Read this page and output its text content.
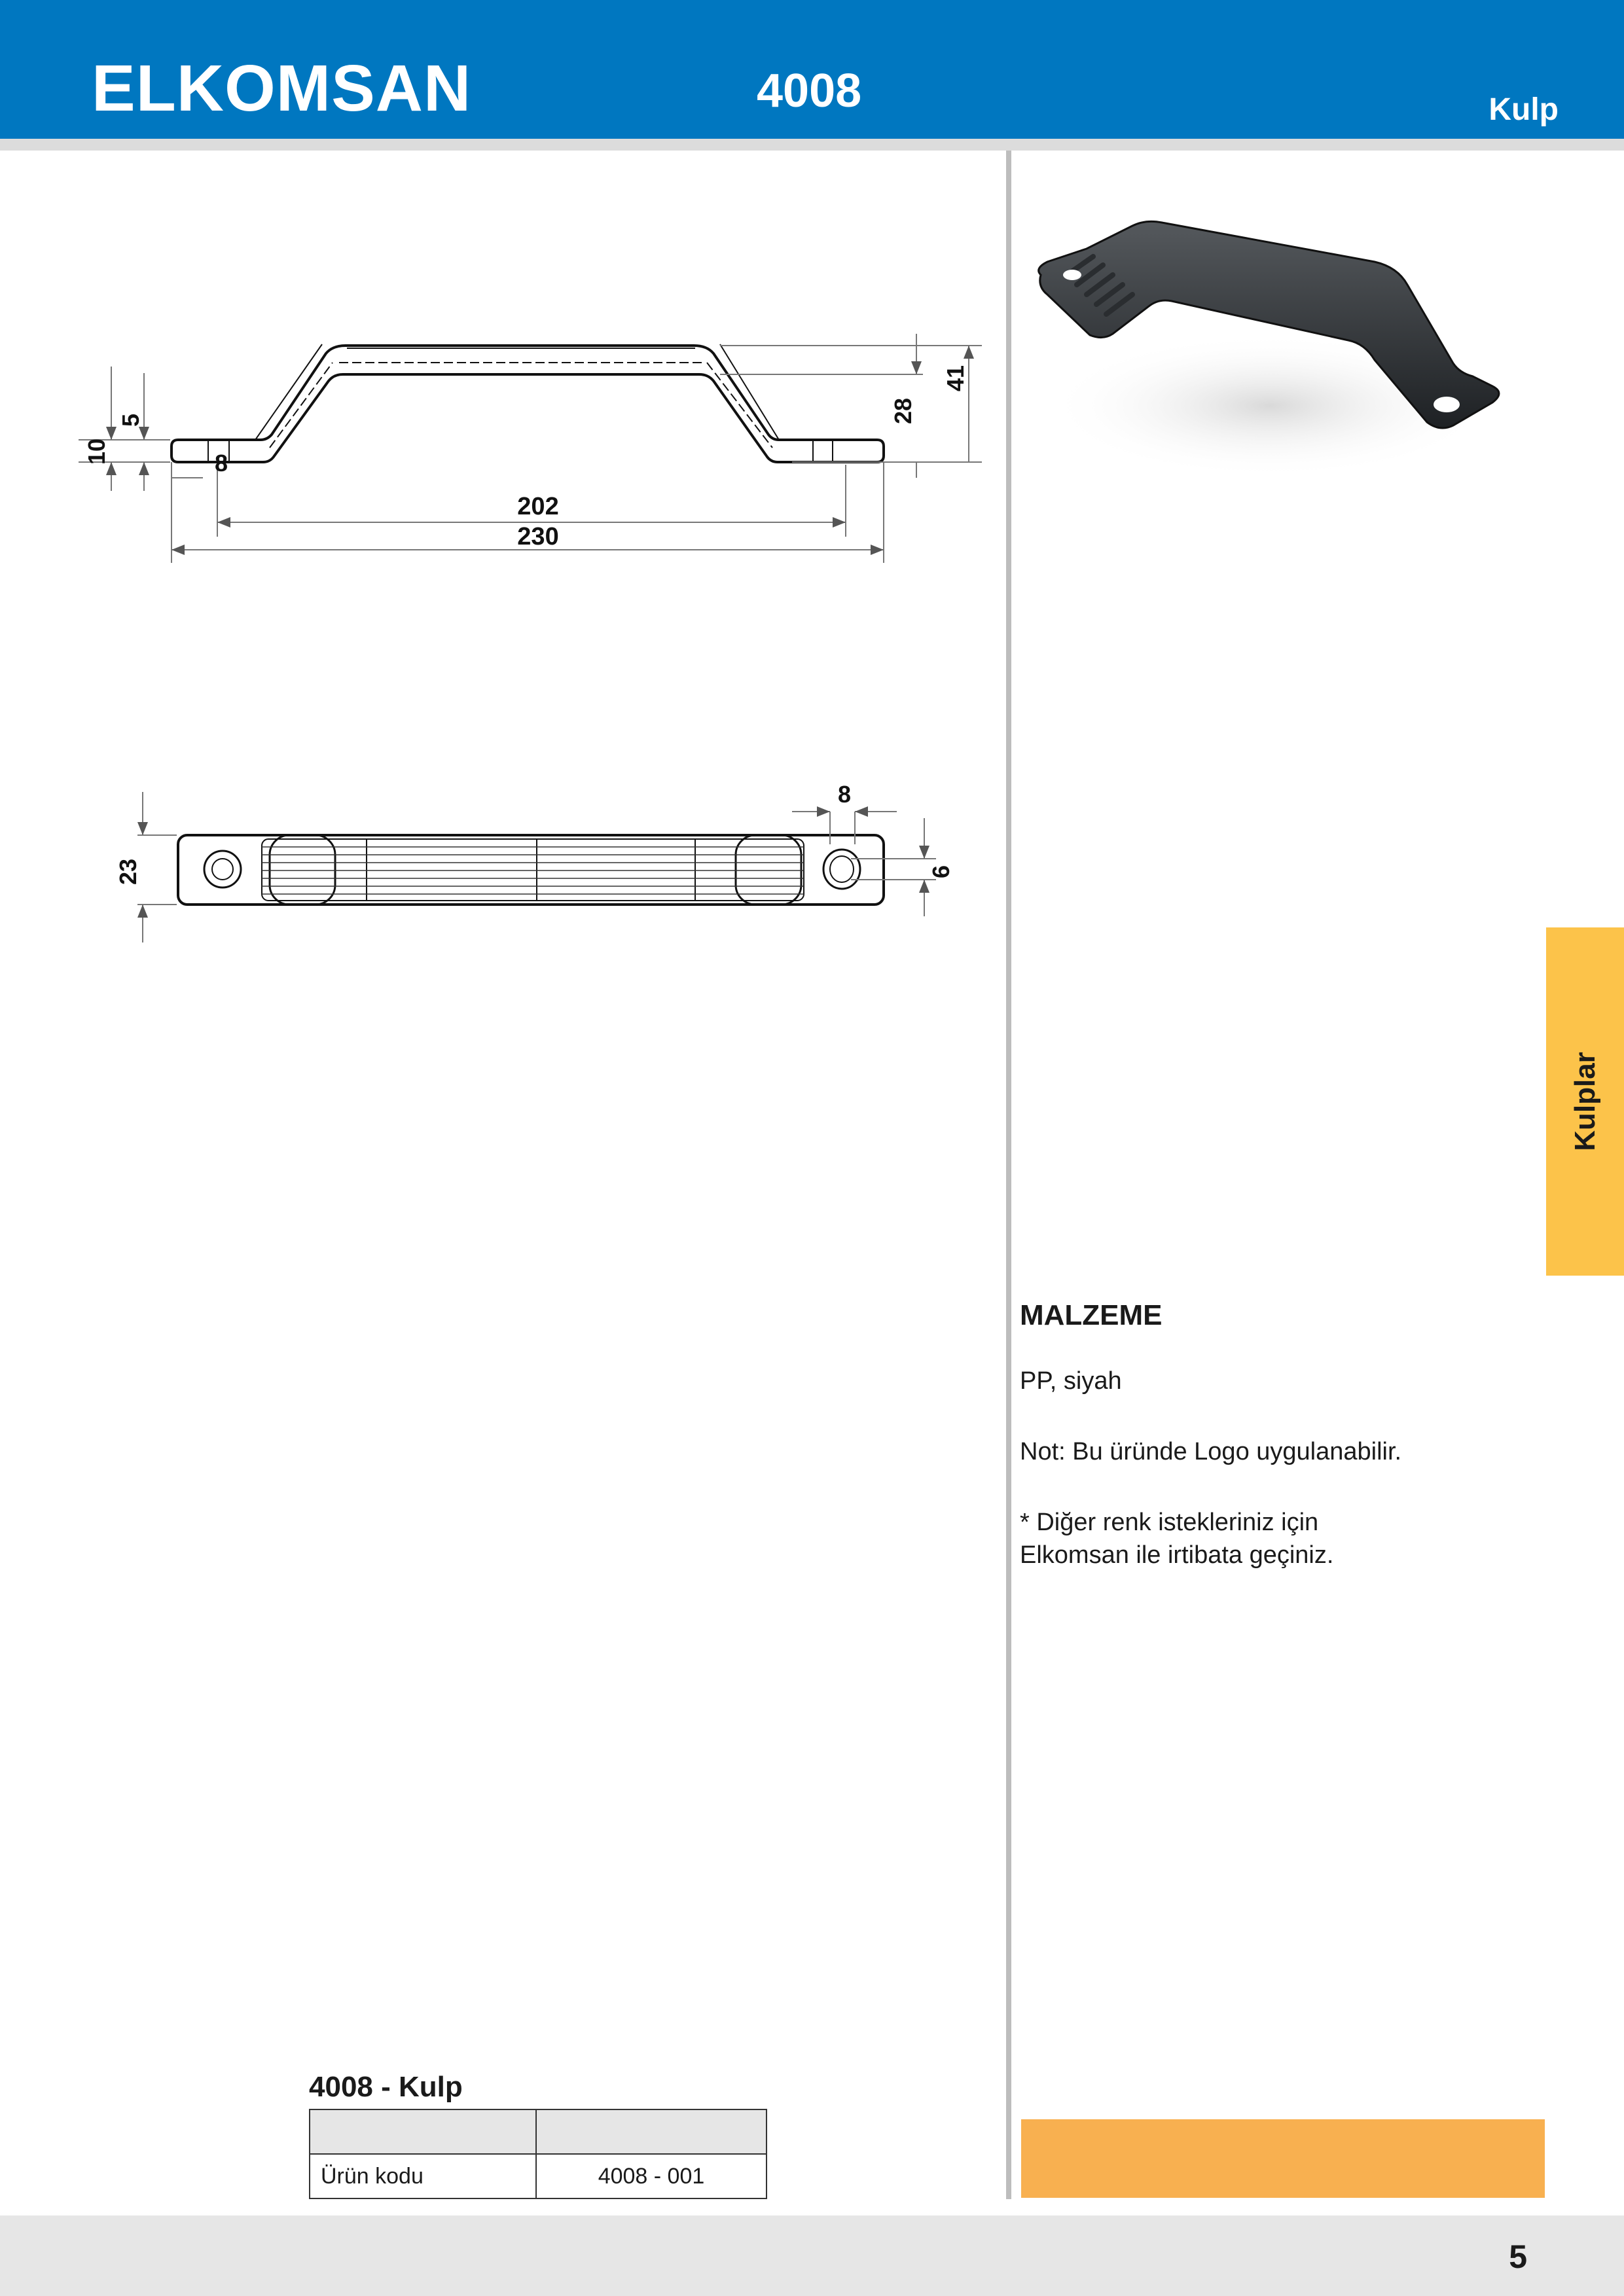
ELKOMSAN	4008	Kulp
Kulplar
10
5
8
202
230
28
41
23
8
6
MALZEME
PP, siyah
Not: Bu üründe Logo uygulanabilir.
* Diğer renk istekleriniz için
Elkomsan ile irtibata geçiniz.
4008 - Kulp

Ürün kodu	4008 - 001
5
